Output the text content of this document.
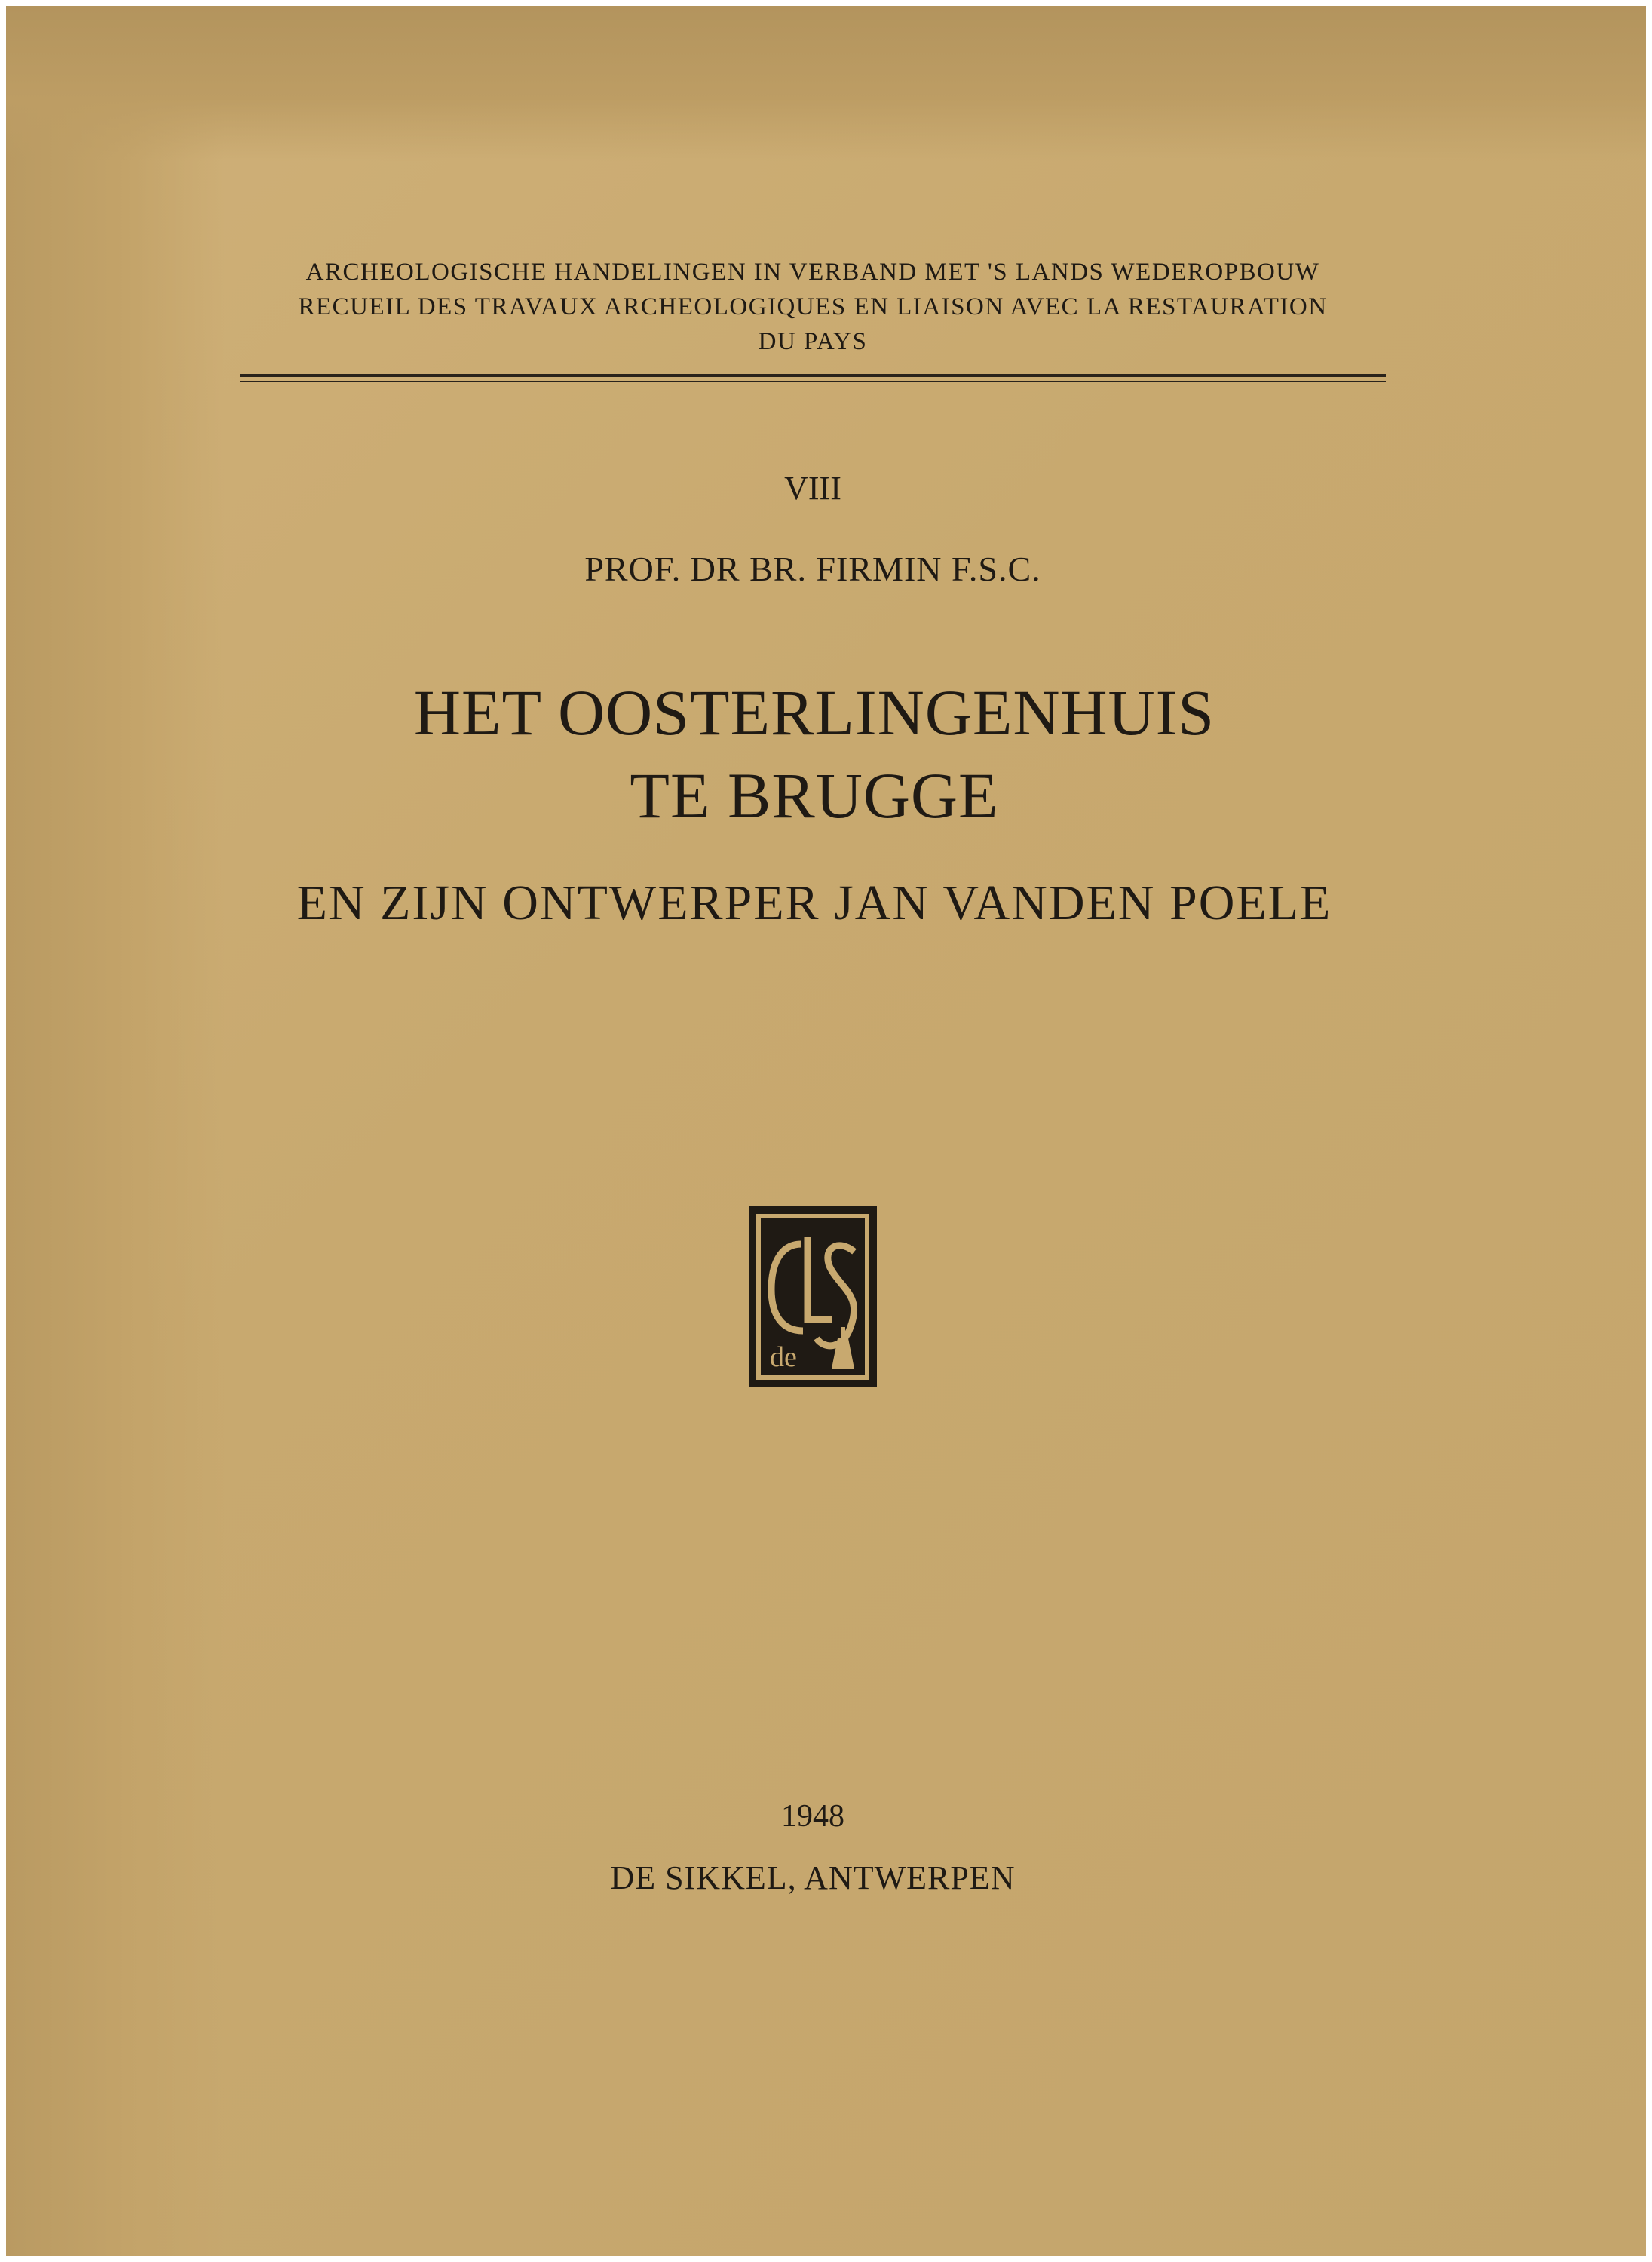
ARCHEOLOGISCHE HANDELINGEN IN VERBAND MET 'S LANDS WEDEROPBOUW
RECUEIL DES TRAVAUX ARCHEOLOGIQUES EN LIAISON AVEC LA RESTAURATION
DU PAYS
VIII
PROF. DR BR. FIRMIN F.S.C.
HET OOSTERLINGENHUIS
TE BRUGGE
EN ZIJN ONTWERPER JAN VANDEN POELE
de
1948
DE SIKKEL, ANTWERPEN
